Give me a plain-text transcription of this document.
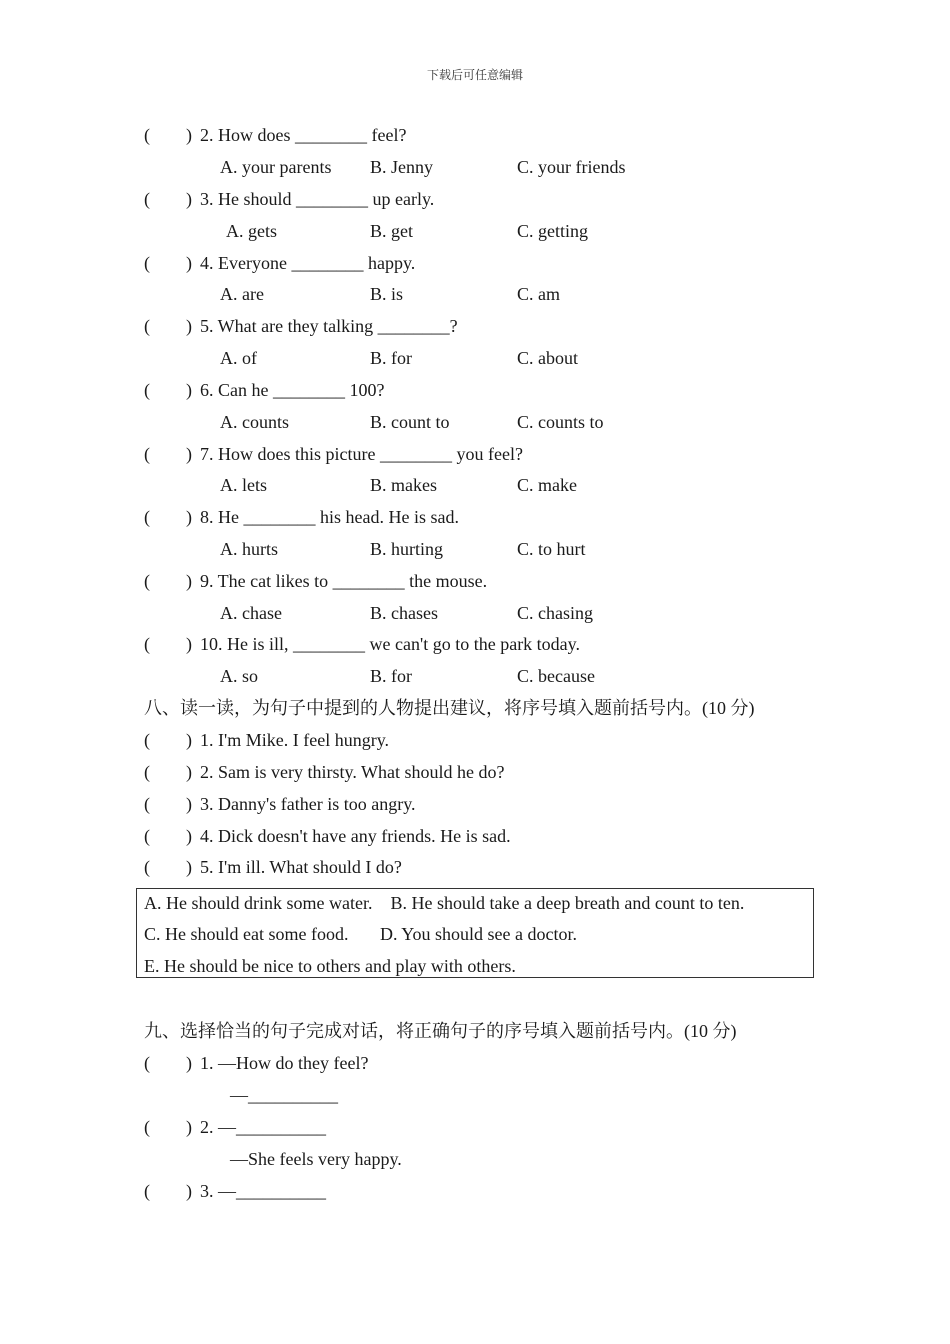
下载后可任意编辑
(        ) 2. How does ________ feel?
A. your parents B. Jenny	C. your friends
(        ) 3. He should ________ up early.
A. gets	B. get	C. getting
(        ) 4. Everyone ________ happy.
A. are	B. is	C. am
(        ) 5. What are they talking ________?
A. of	B. for	C. about
(        ) 6. Can he ________ 100?
A. counts	B. count to	C. counts to
(        ) 7. How does this picture ________ you feel?
A. lets	B. makes	C. make
(        ) 8. He ________ his head. He is sad.
A. hurts	B. hurting	C. to hurt
(        ) 9. The cat likes to ________ the mouse.
A. chase	B. chases	C. chasing
(        ) 10. He is ill, ________ we can't go to the park today.
A. so	B. for	C. because
八、读一读，为句子中提到的人物提出建议，将序号填入题前括号内。(10 分)
(        ) 1. I'm Mike. I feel hungry.
(        ) 2. Sam is very thirsty. What should he do?
(        ) 3. Danny's father is too angry.
(        ) 4. Dick doesn't have any friends. He is sad.
(        ) 5. I'm ill. What should I do?
A. He should drink some water.    B. He should take a deep breath and count to ten.
C. He should eat some food.       D. You should see a doctor.
E. He should be nice to others and play with others.
九、选择恰当的句子完成对话，将正确句子的序号填入题前括号内。(10 分)
(        ) 1. —How do they feel?
—__________
(        ) 2. —__________
—She feels very happy.
(        ) 3. —__________
